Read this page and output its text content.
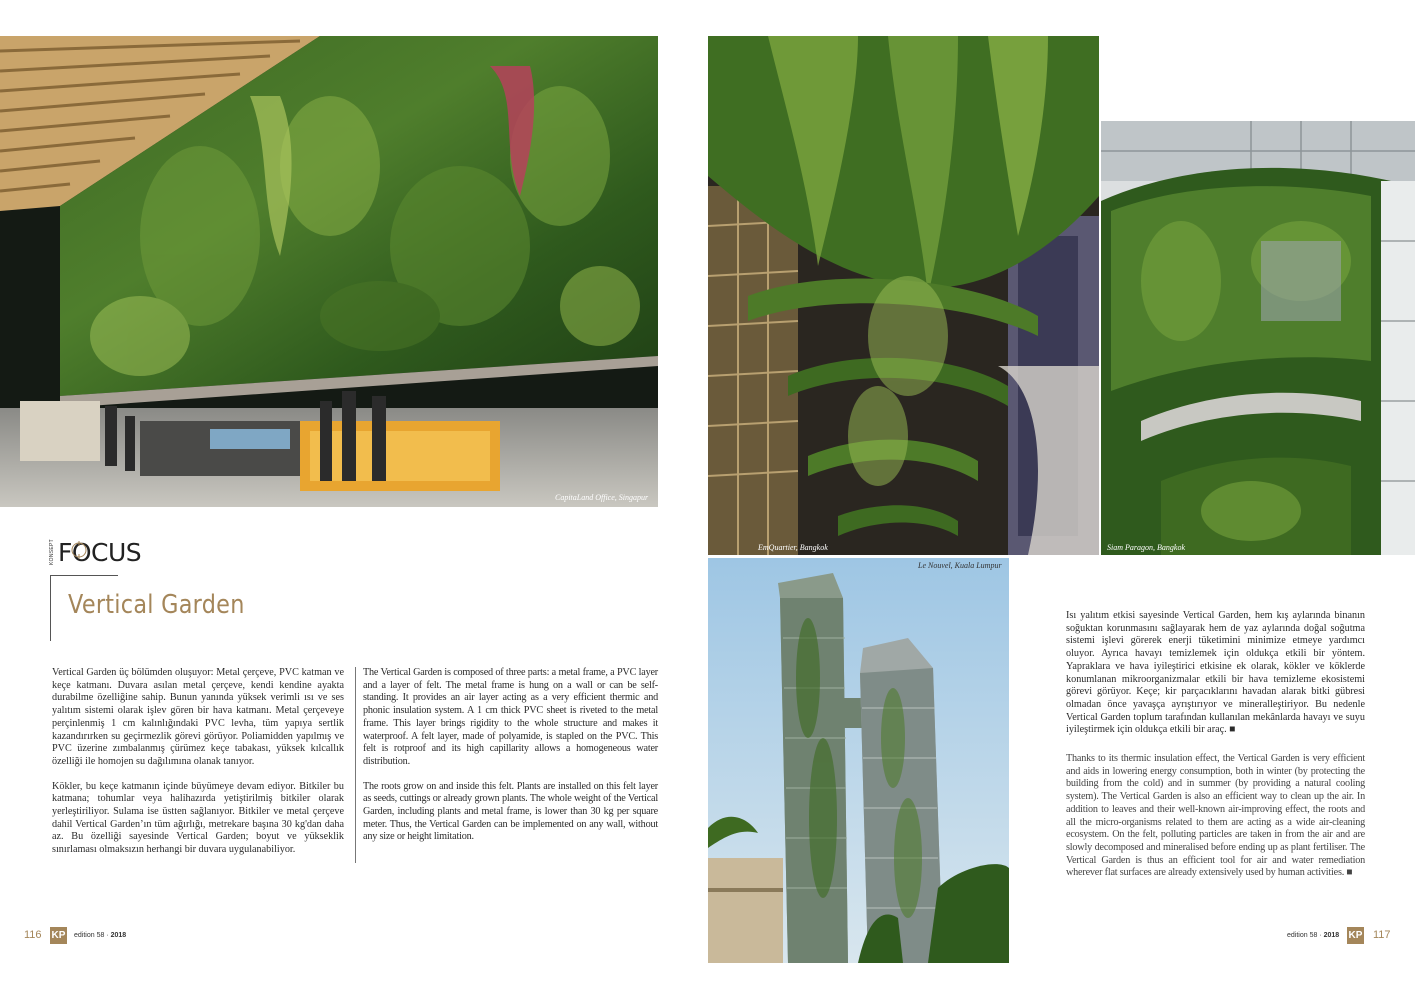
CapitaLand Office, Singapur
EmQuartier, Bangkok	Siam Paragon, Bangkok
Le Nouvel, Kuala Lumpur
KONSEPT FOCUS
Vertical Garden

Vertical Garden üç bölümden oluşuyor: Metal çerçeve, PVC katman ve keçe katmanı. Duvara asılan metal çerçeve, kendi kendine ayakta durabilme özelliğine sahip. Bunun yanında yüksek verimli ısı ve ses yalıtım sistemi olarak işlev gören bir hava katmanı. Metal çerçeveye perçinlenmiş 1 cm kalınlığındaki PVC levha, tüm yapıya sertlik kazandırırken su geçirmezlik görevi görüyor. Poliamidden yapılmış ve PVC üzerine zımbalanmış çürümez keçe tabakası, yüksek kılcallık özelliği ile homojen su dağılımına olanak tanıyor.

Kökler, bu keçe katmanın içinde büyümeye devam ediyor. Bitkiler bu katmana; tohumlar veya halihazırda yetiştirilmiş bitkiler olarak yerleştiriliyor. Sulama ise üstten sağlanıyor. Bitkiler ve metal çerçeve dahil Vertical Garden’ın tüm ağırlığı, metrekare başına 30 kg'dan daha az. Bu özelliği sayesinde Vertical Garden; boyut ve yükseklik sınırlaması olmaksızın herhangi bir duvara uygulanabiliyor.

The Vertical Garden is composed of three parts: a metal frame, a PVC layer and a layer of felt. The metal frame is hung on a wall or can be self-standing. It provides an air layer acting as a very efficient thermic and phonic insulation system. A 1 cm thick PVC sheet is riveted to the metal frame. This layer brings rigidity to the whole structure and makes it waterproof. A felt layer, made of polyamide, is stapled on the PVC. This felt is rotproof and its high capillarity allows a homogeneous water distribution.

The roots grow on and inside this felt. Plants are installed on this felt layer as seeds, cuttings or already grown plants. The whole weight of the Vertical Garden, including plants and metal frame, is lower than 30 kg per square meter. Thus, the Vertical Garden can be implemented on any wall, without any size or height limitation.

Isı yalıtım etkisi sayesinde Vertical Garden, hem kış aylarında binanın soğuktan korunmasını sağlayarak hem de yaz aylarında doğal soğutma sistemi işlevi görerek enerji tüketimini minimize etmeye yardımcı oluyor. Ayrıca havayı temizlemek için oldukça etkili bir yöntem. Yapraklara ve hava iyileştirici etkisine ek olarak, kökler ve köklerde konumlanan mikroorganizmalar etkili bir hava temizleme ekosistemi görevi görüyor. Keçe; kir parçacıklarını havadan alarak bitki gübresi olmadan önce yavaşça ayrıştırıyor ve mineralleştiriyor. Bu nedenle Vertical Garden toplum tarafından kullanılan mekânlarda havayı ve suyu iyileştirmek için oldukça etkili bir araç. ■

Thanks to its thermic insulation effect, the Vertical Garden is very efficient and aids in lowering energy consumption, both in winter (by protecting the building from the cold) and in summer (by providing a natural cooling system). The Vertical Garden is also an efficient way to clean up the air. In addition to leaves and their well-known air-improving effect, the roots and all the micro-organisms related to them are acting as a wide air-cleaning ecosystem. On the felt, polluting particles are taken in from the air and are slowly decomposed and mineralised before ending up as plant fertiliser. The Vertical Garden is thus an efficient tool for air and water remediation wherever flat surfaces are already extensively used by human activities. ■

116 KP edition 58 · 2018	edition 58 · 2018 KP 117
